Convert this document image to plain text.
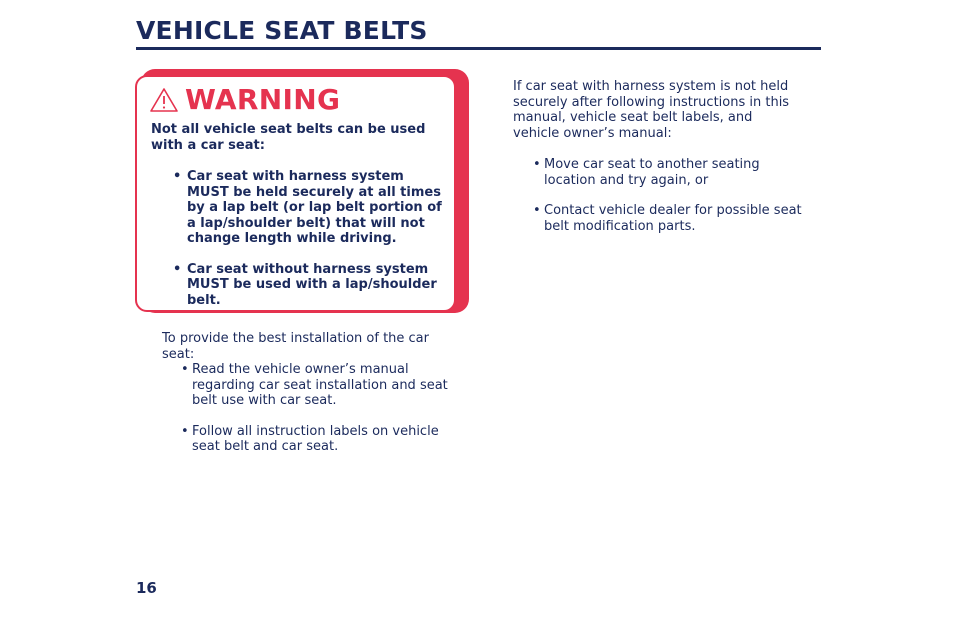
VEHICLE SEAT BELTS
WARNING

Not all vehicle seat belts can be used with a car seat:

• Car seat with harness system MUST be held securely at all times by a lap belt (or lap belt portion of a lap/shoulder belt) that will not change length while driving.
• Car seat without harness system MUST be used with a lap/shoulder belt.

To provide the best installation of the car seat:

• Read the vehicle owner’s manual regarding car seat installation and seat belt use with car seat.
• Follow all instruction labels on vehicle seat belt and car seat.

If car seat with harness system is not held securely after following instructions in this manual, vehicle seat belt labels, and vehicle owner’s manual:

• Move car seat to another seating location and try again, or
• Contact vehicle dealer for possible seat belt modification parts.
16
